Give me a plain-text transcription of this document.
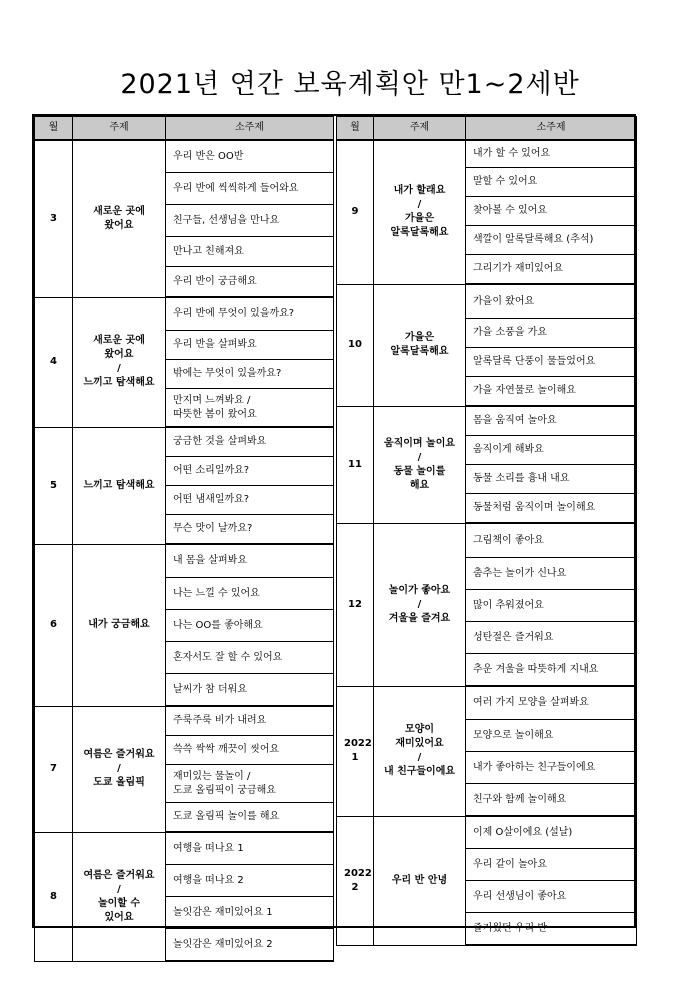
2021년 연간 보육계획안 만1~2세반
월	주제	소주제
3	새로운 곳에
왔어요	우리 반은 OO반
		우리 반에 씩씩하게 들어와요
		친구들, 선생님을 만나요
		만나고 친해져요
		우리 반이 궁금해요
4	새로운 곳에
왔어요
/
느끼고 탐색해요	우리 반에 무엇이 있을까요?
		우리 반을 살펴봐요
		밖에는 무엇이 있을까요?
		만지며 느껴봐요 /
따뜻한 봄이 왔어요
5	느끼고 탐색해요	궁금한 것을 살펴봐요
		어떤 소리일까요?
		어떤 냄새일까요?
		무슨 맛이 날까요?
6	내가 궁금해요	내 몸을 살펴봐요
		나는 느낄 수 있어요
		나는 OO를 좋아해요
		혼자서도 잘 할 수 있어요
		날씨가 참 더워요
7	여름은 즐거워요
/
도쿄 올림픽	주룩주룩 비가 내려요
		쓱쓱 싹싹 깨끗이 씻어요
		재미있는 물놀이 /
도쿄 올림픽이 궁금해요
		도쿄 올림픽 놀이를 해요
8	여름은 즐거워요
/
놀이할 수
있어요	여행을 떠나요 1
		여행을 떠나요 2
		놀잇감은 재미있어요 1
		놀잇감은 재미있어요 2
월	주제	소주제
9	내가 할래요
/
가을은
알록달록해요	내가 할 수 있어요
		말할 수 있어요
		찾아볼 수 있어요
		색깔이 알록달록해요 (추석)
		그리기가 재미있어요
10	가을은
알록달록해요	가을이 왔어요
		가을 소풍을 가요
		알록달록 단풍이 물들었어요
		가을 자연물로 놀이해요
11	움직이며 놀이요
/
동물 놀이를
해요	몸을 움직여 놀아요
		움직이게 해봐요
		동물 소리를 흉내 내요
		동물처럼 움직이며 놀이해요
12	놀이가 좋아요
/
겨울을 즐겨요	그림책이 좋아요
		춤추는 놀이가 신나요
		많이 추워졌어요
		성탄절은 즐거워요
		추운 겨울을 따뜻하게 지내요
2022
1	모양이
재미있어요
/
내 친구들이에요	여러 가지 모양을 살펴봐요
		모양으로 놀이해요
		내가 좋아하는 친구들이에요
		친구와 함께 놀이해요
2022
2	우리 반 안녕	이제 O살이에요 (설날)
		우리 같이 놀아요
		우리 선생님이 좋아요
		즐거웠던 우리 반
